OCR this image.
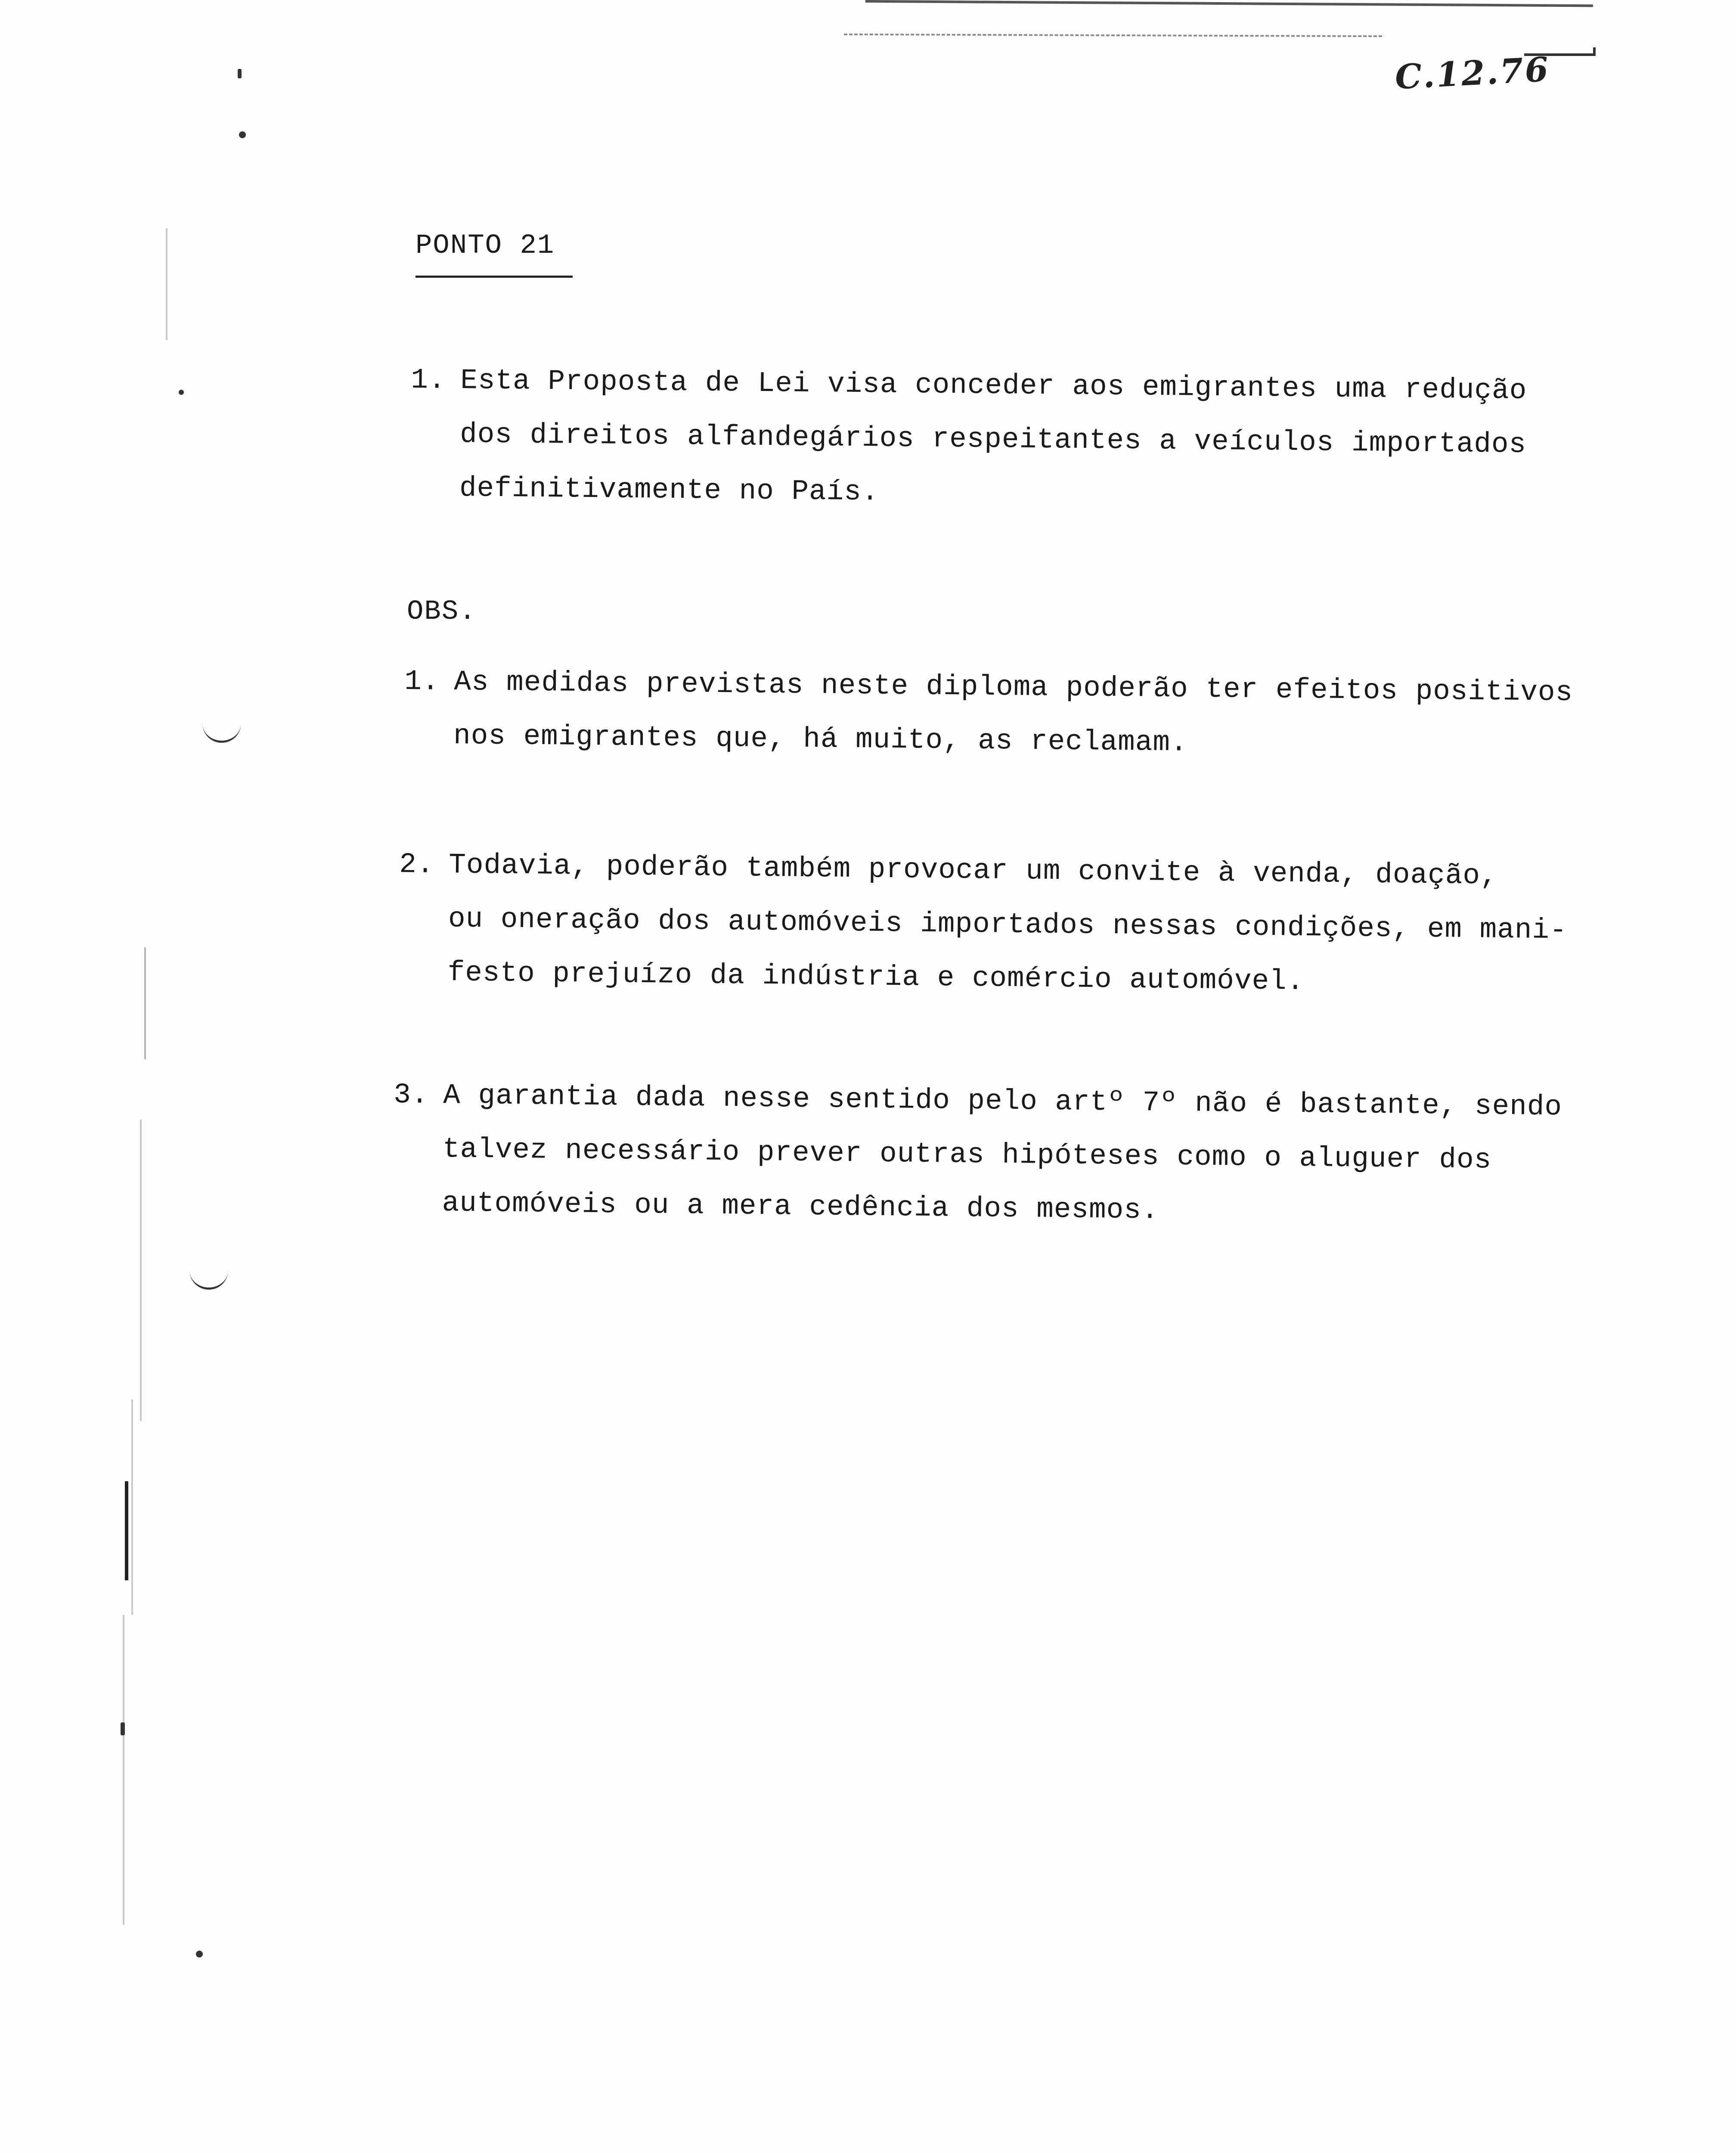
C.12.76
PONTO 21
1. Esta Proposta de Lei visa conceder aos emigrantes uma redução
dos direitos alfandegários respeitantes a veículos importados
definitivamente no País.
OBS.
1. As medidas previstas neste diploma poderão ter efeitos positivos
nos emigrantes que, há muito, as reclamam.
2. Todavia, poderão também provocar um convite à venda, doação,
ou oneração dos automóveis importados nessas condições, em mani-
festo prejuízo da indústria e comércio automóvel.
3. A garantia dada nesse sentido pelo artº 7º não é bastante, sendo
talvez necessário prever outras hipóteses como o aluguer dos
automóveis ou a mera cedência dos mesmos.
